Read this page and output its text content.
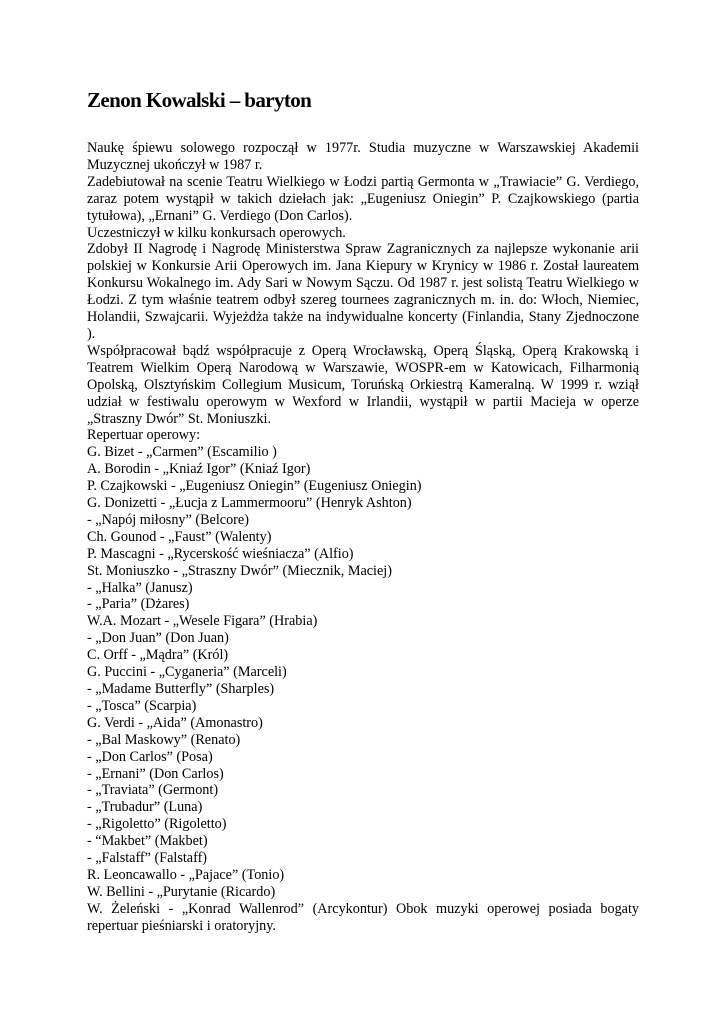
Zenon Kowalski – baryton

Naukę śpiewu solowego rozpoczął w 1977r. Studia muzyczne w Warszawskiej Akademii Muzycznej ukończył w 1987 r.

Zadebiutował na scenie Teatru Wielkiego w Łodzi partią Germonta w „Trawiacie” G. Verdiego, zaraz potem wystąpił w takich dziełach jak: „Eugeniusz Oniegin” P. Czajkowskiego (partia tytułowa), „Ernani” G. Verdiego (Don Carlos).

Uczestniczył w kilku konkursach operowych.

Zdobył II Nagrodę i Nagrodę Ministerstwa Spraw Zagranicznych za najlepsze wykonanie arii polskiej w Konkursie Arii Operowych im. Jana Kiepury w Krynicy w 1986 r. Został laureatem Konkursu Wokalnego im. Ady Sari w Nowym Sączu. Od 1987 r. jest solistą Teatru Wielkiego w Łodzi. Z tym właśnie teatrem odbył szereg tournees zagranicznych m. in. do: Włoch, Niemiec, Holandii, Szwajcarii. Wyjeżdża także na indywidualne koncerty (Finlandia, Stany Zjednoczone ).

Współpracował bądź współpracuje z Operą Wrocławską, Operą Śląską, Operą Krakowską i Teatrem Wielkim Operą Narodową w Warszawie, WOSPR-em w Katowicach, Filharmonią Opolską, Olsztyńskim Collegium Musicum, Toruńską Orkiestrą Kameralną. W 1999 r. wziął udział w festiwalu operowym w Wexford w Irlandii, wystąpił w partii Macieja w operze „Straszny Dwór” St. Moniuszki.

Repertuar operowy:

G. Bizet - „Carmen” (Escamilio )

A. Borodin - „Kniaź Igor” (Kniaź Igor)

P. Czajkowski - „Eugeniusz Oniegin” (Eugeniusz Oniegin)

G. Donizetti - „Łucja z Lammermooru” (Henryk Ashton)

- „Napój miłosny” (Belcore)

Ch. Gounod - „Faust” (Walenty)

P. Mascagni - „Rycerskość wieśniacza” (Alfio)

St. Moniuszko - „Straszny Dwór” (Miecznik, Maciej)

- „Halka” (Janusz)

- „Paria” (Dżares)

W.A. Mozart - „Wesele Figara” (Hrabia)

- „Don Juan” (Don Juan)

C. Orff - „Mądra” (Król)

G. Puccini - „Cyganeria” (Marceli)

- „Madame Butterfly” (Sharples)

- „Tosca” (Scarpia)

G. Verdi - „Aida” (Amonastro)

- „Bal Maskowy” (Renato)

- „Don Carlos” (Posa)

- „Ernani” (Don Carlos)

- „Traviata” (Germont)

- „Trubadur” (Luna)

- „Rigoletto” (Rigoletto)

- “Makbet” (Makbet)

- „Falstaff” (Falstaff)

R. Leoncawallo - „Pajace” (Tonio)

W. Bellini - „Purytanie (Ricardo)

W. Żeleński - „Konrad Wallenrod” (Arcykontur) Obok muzyki operowej posiada bogaty repertuar pieśniarski i oratoryjny.
